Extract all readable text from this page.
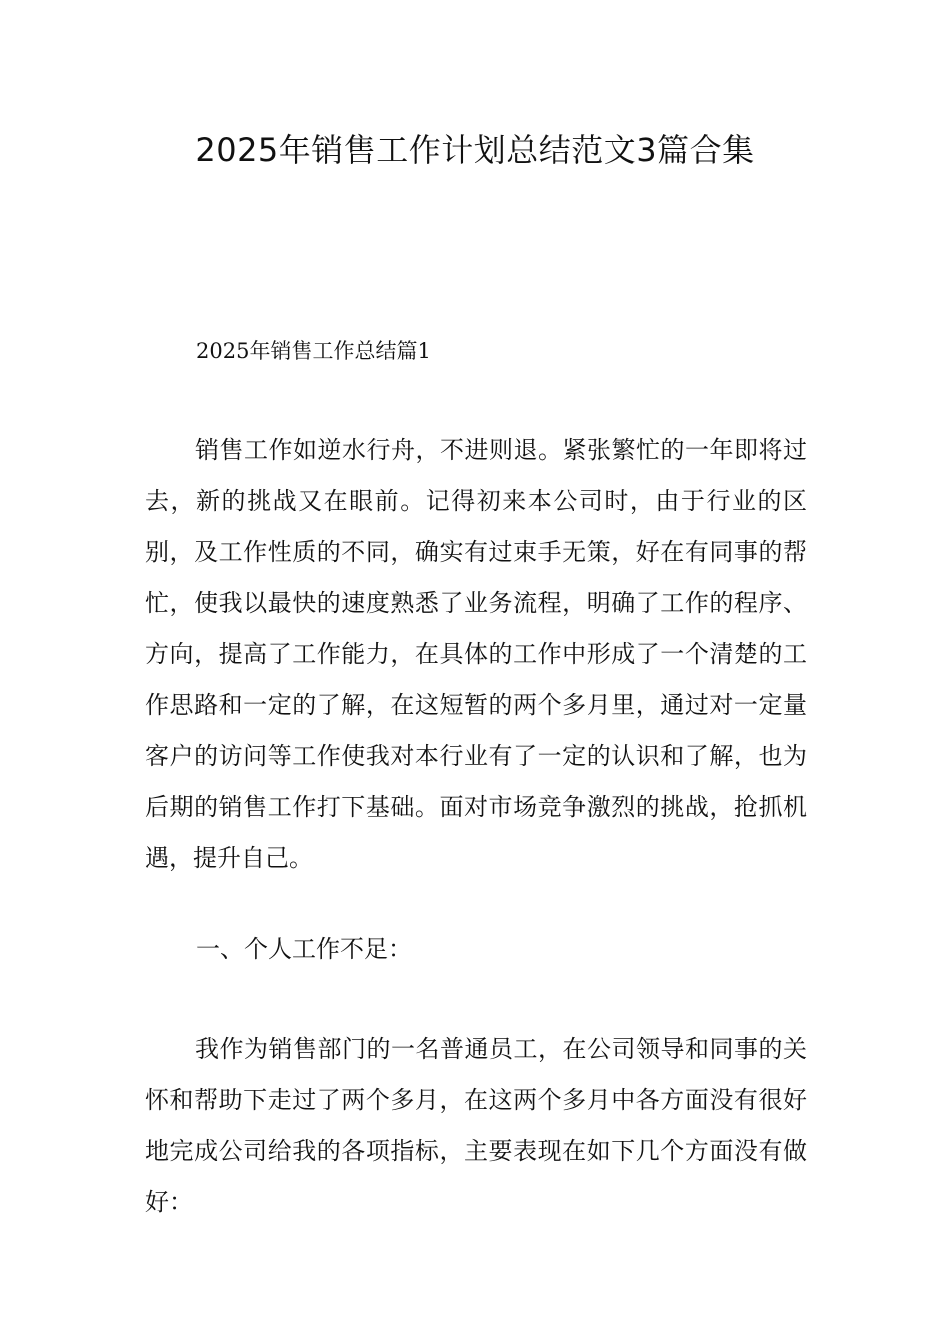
2025年销售工作计划总结范文3篇合集

2025年销售工作总结篇1

销售工作如逆水行舟，不进则退。紧张繁忙的一年即将过去，新的挑战又在眼前。记得初来本公司时，由于行业的区别，及工作性质的不同，确实有过束手无策，好在有同事的帮忙，使我以最快的速度熟悉了业务流程，明确了工作的程序、方向，提高了工作能力，在具体的工作中形成了一个清楚的工作思路和一定的了解，在这短暂的两个多月里，通过对一定量客户的访问等工作使我对本行业有了一定的认识和了解，也为后期的销售工作打下基础。面对市场竞争激烈的挑战，抢抓机遇，提升自己。

一、个人工作不足：

我作为销售部门的一名普通员工，在公司领导和同事的关怀和帮助下走过了两个多月，在这两个多月中各方面没有很好地完成公司给我的各项指标，主要表现在如下几个方面没有做好：
